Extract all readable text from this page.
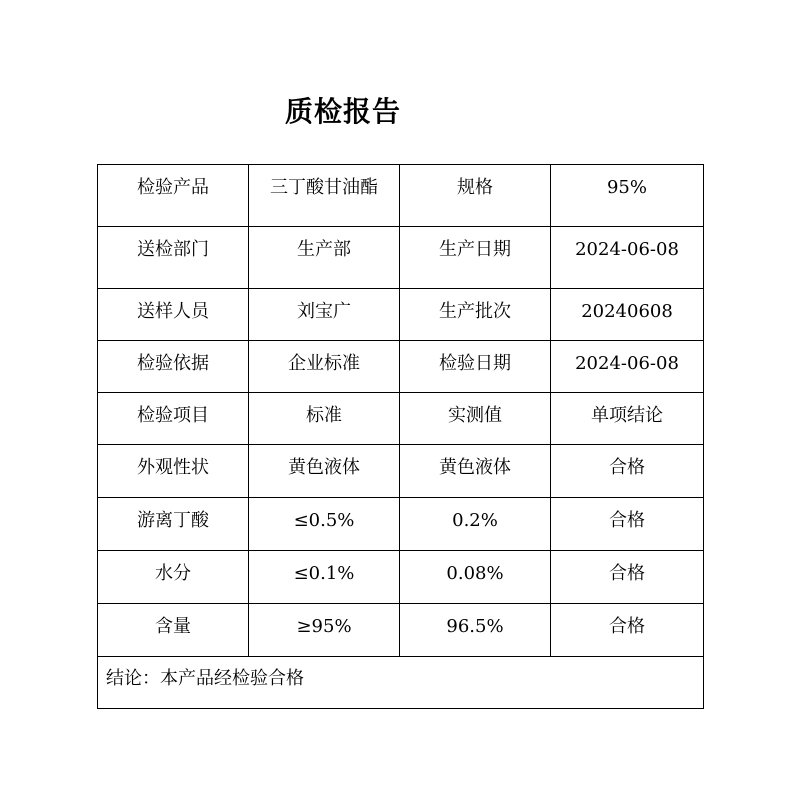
质检报告
检验产品	三丁酸甘油酯	规格	95%

送检部门	生产部	生产日期	2024-06-08

送样人员	刘宝广	生产批次	20240608

检验依据	企业标准	检验日期	2024-06-08

检验项目	标准	实测值	单项结论

外观性状	黄色液体	黄色液体	合格

游离丁酸	≤0.5%	0.2%	合格

水分	≤0.1%	0.08%	合格

含量	≥95%	96.5%	合格

结论：本产品经检验合格			
